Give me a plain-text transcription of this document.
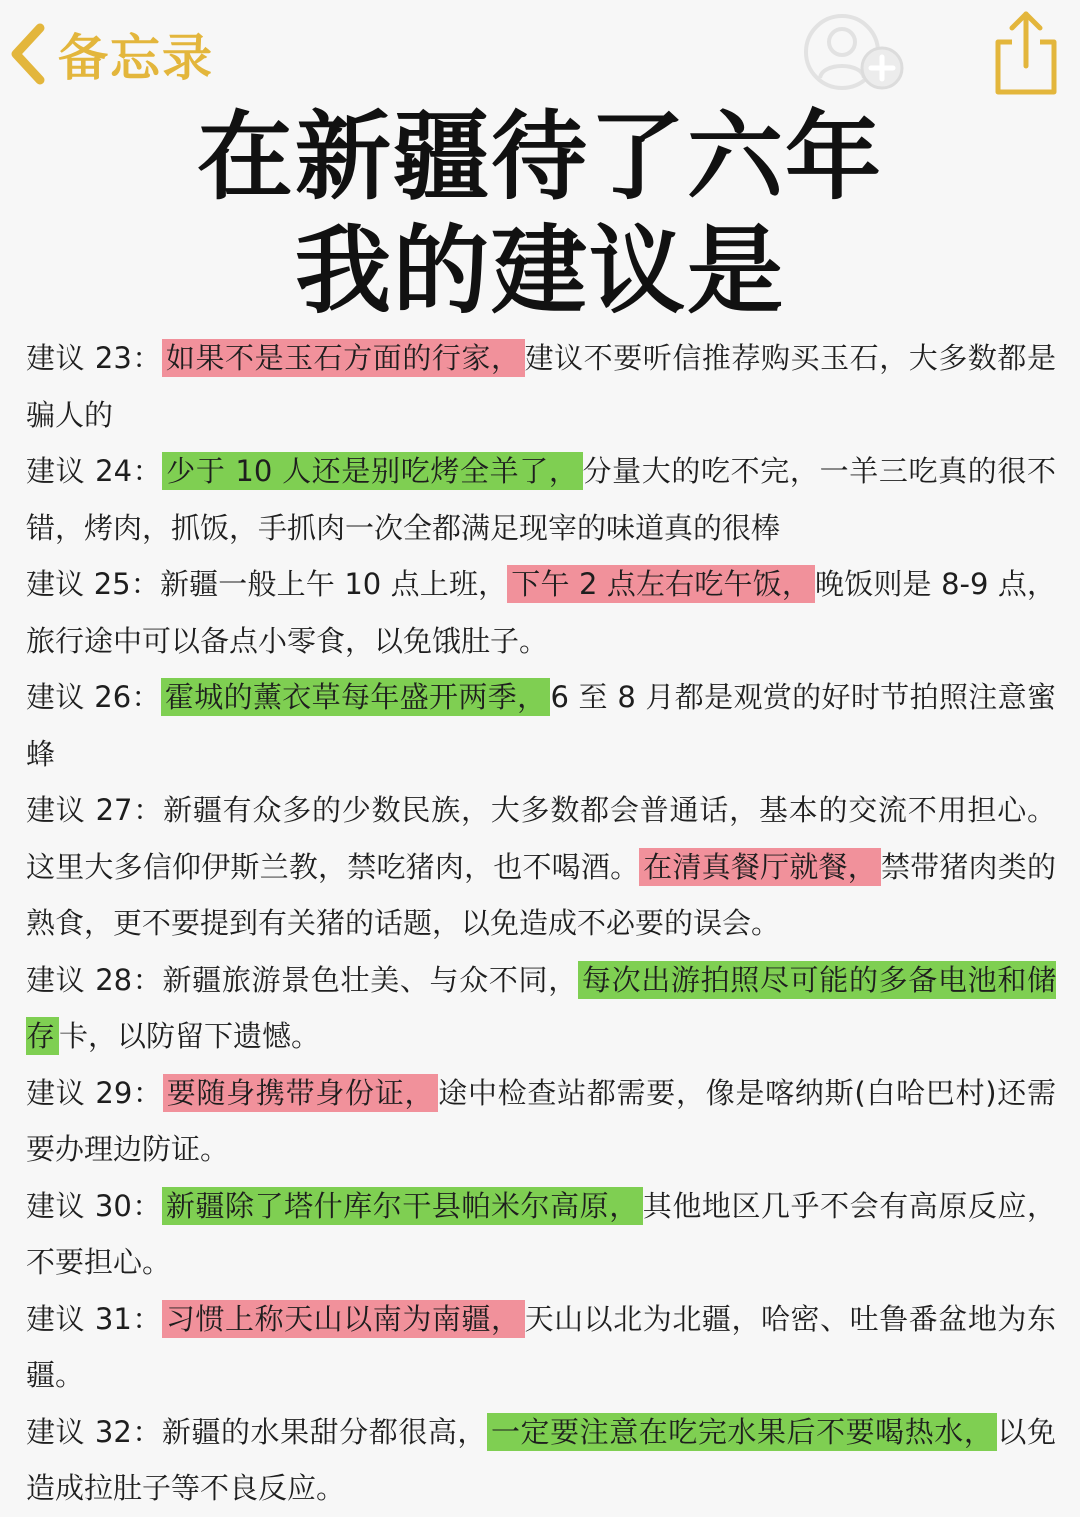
备忘录
在新疆待了六年
我的建议是

建议 23： 如果不是玉石方面的行家， 建议不要听信推荐购买玉石，大多数都是骗人的

建议 24： 少于 10 人还是别吃烤全羊了， 分量大的吃不完，一羊三吃真的很不错，烤肉，抓饭，手抓肉一次全都满足现宰的味道真的很棒

建议 25：新疆一般上午 10 点上班， 下午 2 点左右吃午饭， 晚饭则是 8-9 点，旅行途中可以备点小零食，以免饿肚子。

建议 26： 霍城的薰衣草每年盛开两季， 6 至 8 月都是观赏的好时节拍照注意蜜蜂

建议 27：新疆有众多的少数民族，大多数都会普通话，基本的交流不用担心。这里大多信仰伊斯兰教，禁吃猪肉，也不喝酒。 在清真餐厅就餐， 禁带猪肉类的熟食，更不要提到有关猪的话题，以免造成不必要的误会。

建议 28：新疆旅游景色壮美、与众不同， 每次出游拍照尽可能的多备电池和储存 卡，以防留下遗憾。

建议 29： 要随身携带身份证， 途中检查站都需要，像是喀纳斯(白哈巴村)还需要办理边防证。

建议 30： 新疆除了塔什库尔干县帕米尔高原， 其他地区几乎不会有高原反应，不要担心。

建议 31： 习惯上称天山以南为南疆， 天山以北为北疆，哈密、吐鲁番盆地为东疆。

建议 32：新疆的水果甜分都很高， 一定要注意在吃完水果后不要喝热水， 以免造成拉肚子等不良反应。
